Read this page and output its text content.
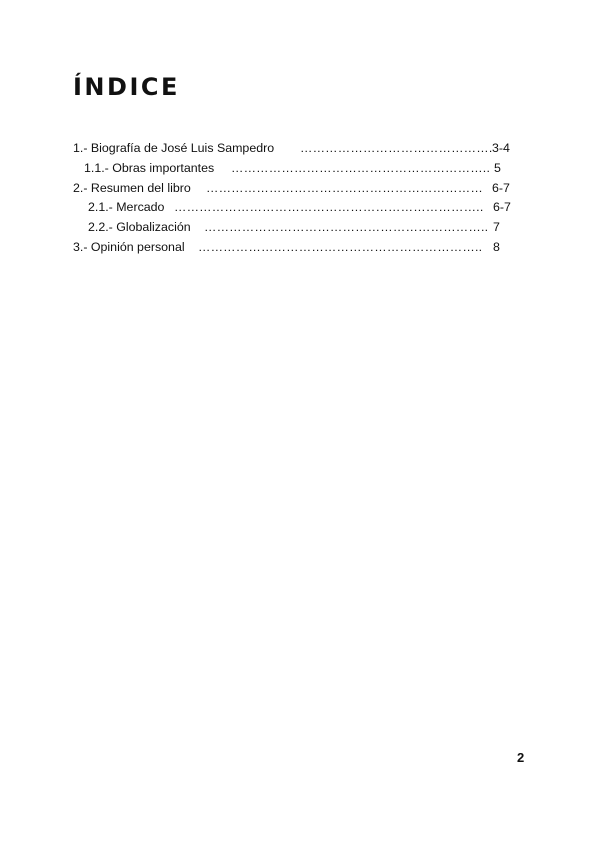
ÍNDICE
1.- Biografía de José Luis Sampedro ………………………………………. 3-4
1.1.- Obras importantes …………………………………………………….. 5
2.- Resumen del libro ………………………………………………………… 6-7
2.1.- Mercado ……………………………………………………………….. 6-7
2.2.- Globalización ………………………………………………………….. 7
3.- Opinión personal ………………………………………………………….. 8
2
